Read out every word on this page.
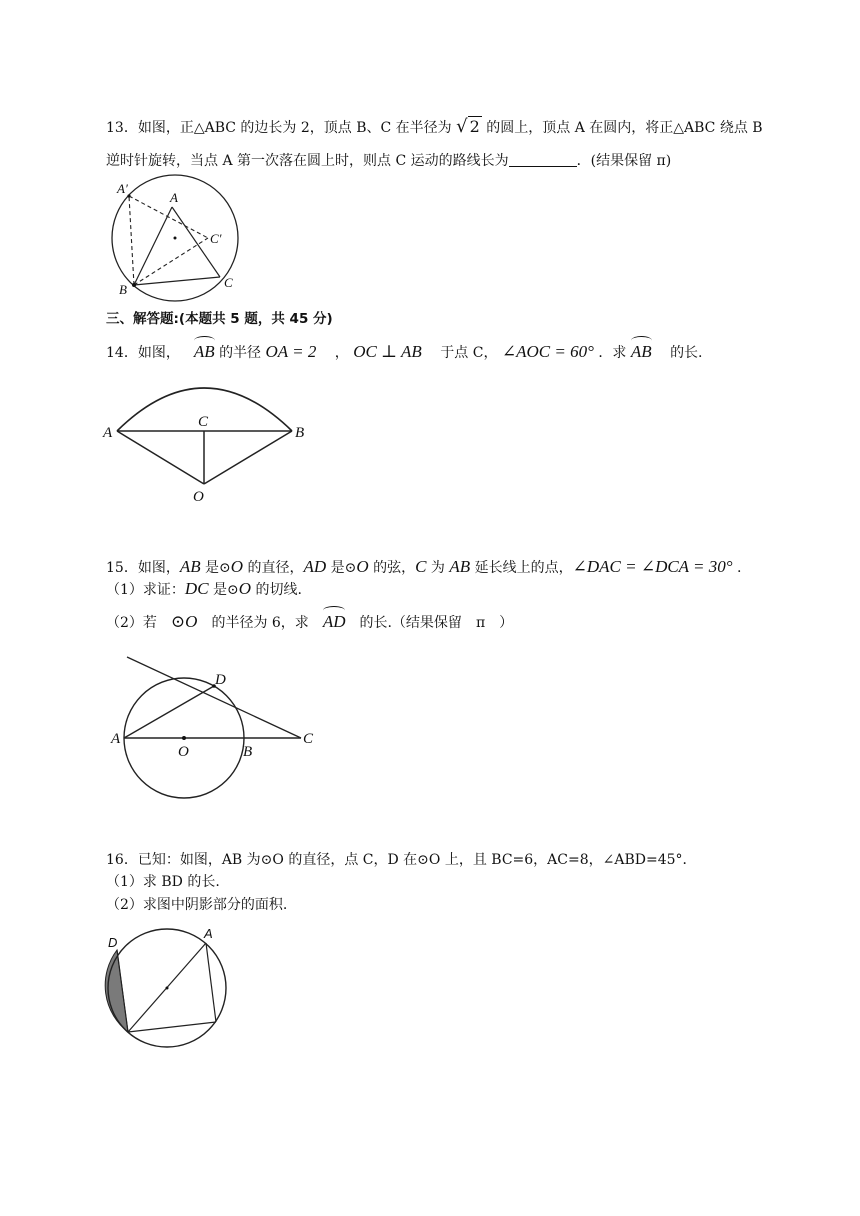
13．如图，正△ABC 的边长为 2，顶点 B、C 在半径为 √ 2 的圆上，顶点 A 在圆内，将正△ABC 绕点 B
逆时针旋转，当点 A 第一次落在圆上时，则点 C 运动的路线长为	．(结果保留 π)
A′
A
C′
B	C
三、解答题:(本题共 5 题，共 45 分)
14．如图， AB 的半径 OA = 2 ， OC ⊥ AB 于点 C， ∠AOC = 60° ．求 AB 的长.
A
C
B
O
15．如图，AB 是⊙O 的直径，AD 是⊙O 的弦，C 为 AB 延长线上的点，∠DAC = ∠DCA = 30° .
（1）求证：DC 是⊙O 的切线.
（2）若 ⊙O 的半径为 6，求 AD 的长.（结果保留 π ）
D
A
O	B
C
16．已知：如图，AB 为⊙O 的直径，点 C，D 在⊙O 上，且 BC=6，AC=8，∠ABD=45°．
（1）求 BD 的长.
（2）求图中阴影部分的面积.
D
A
